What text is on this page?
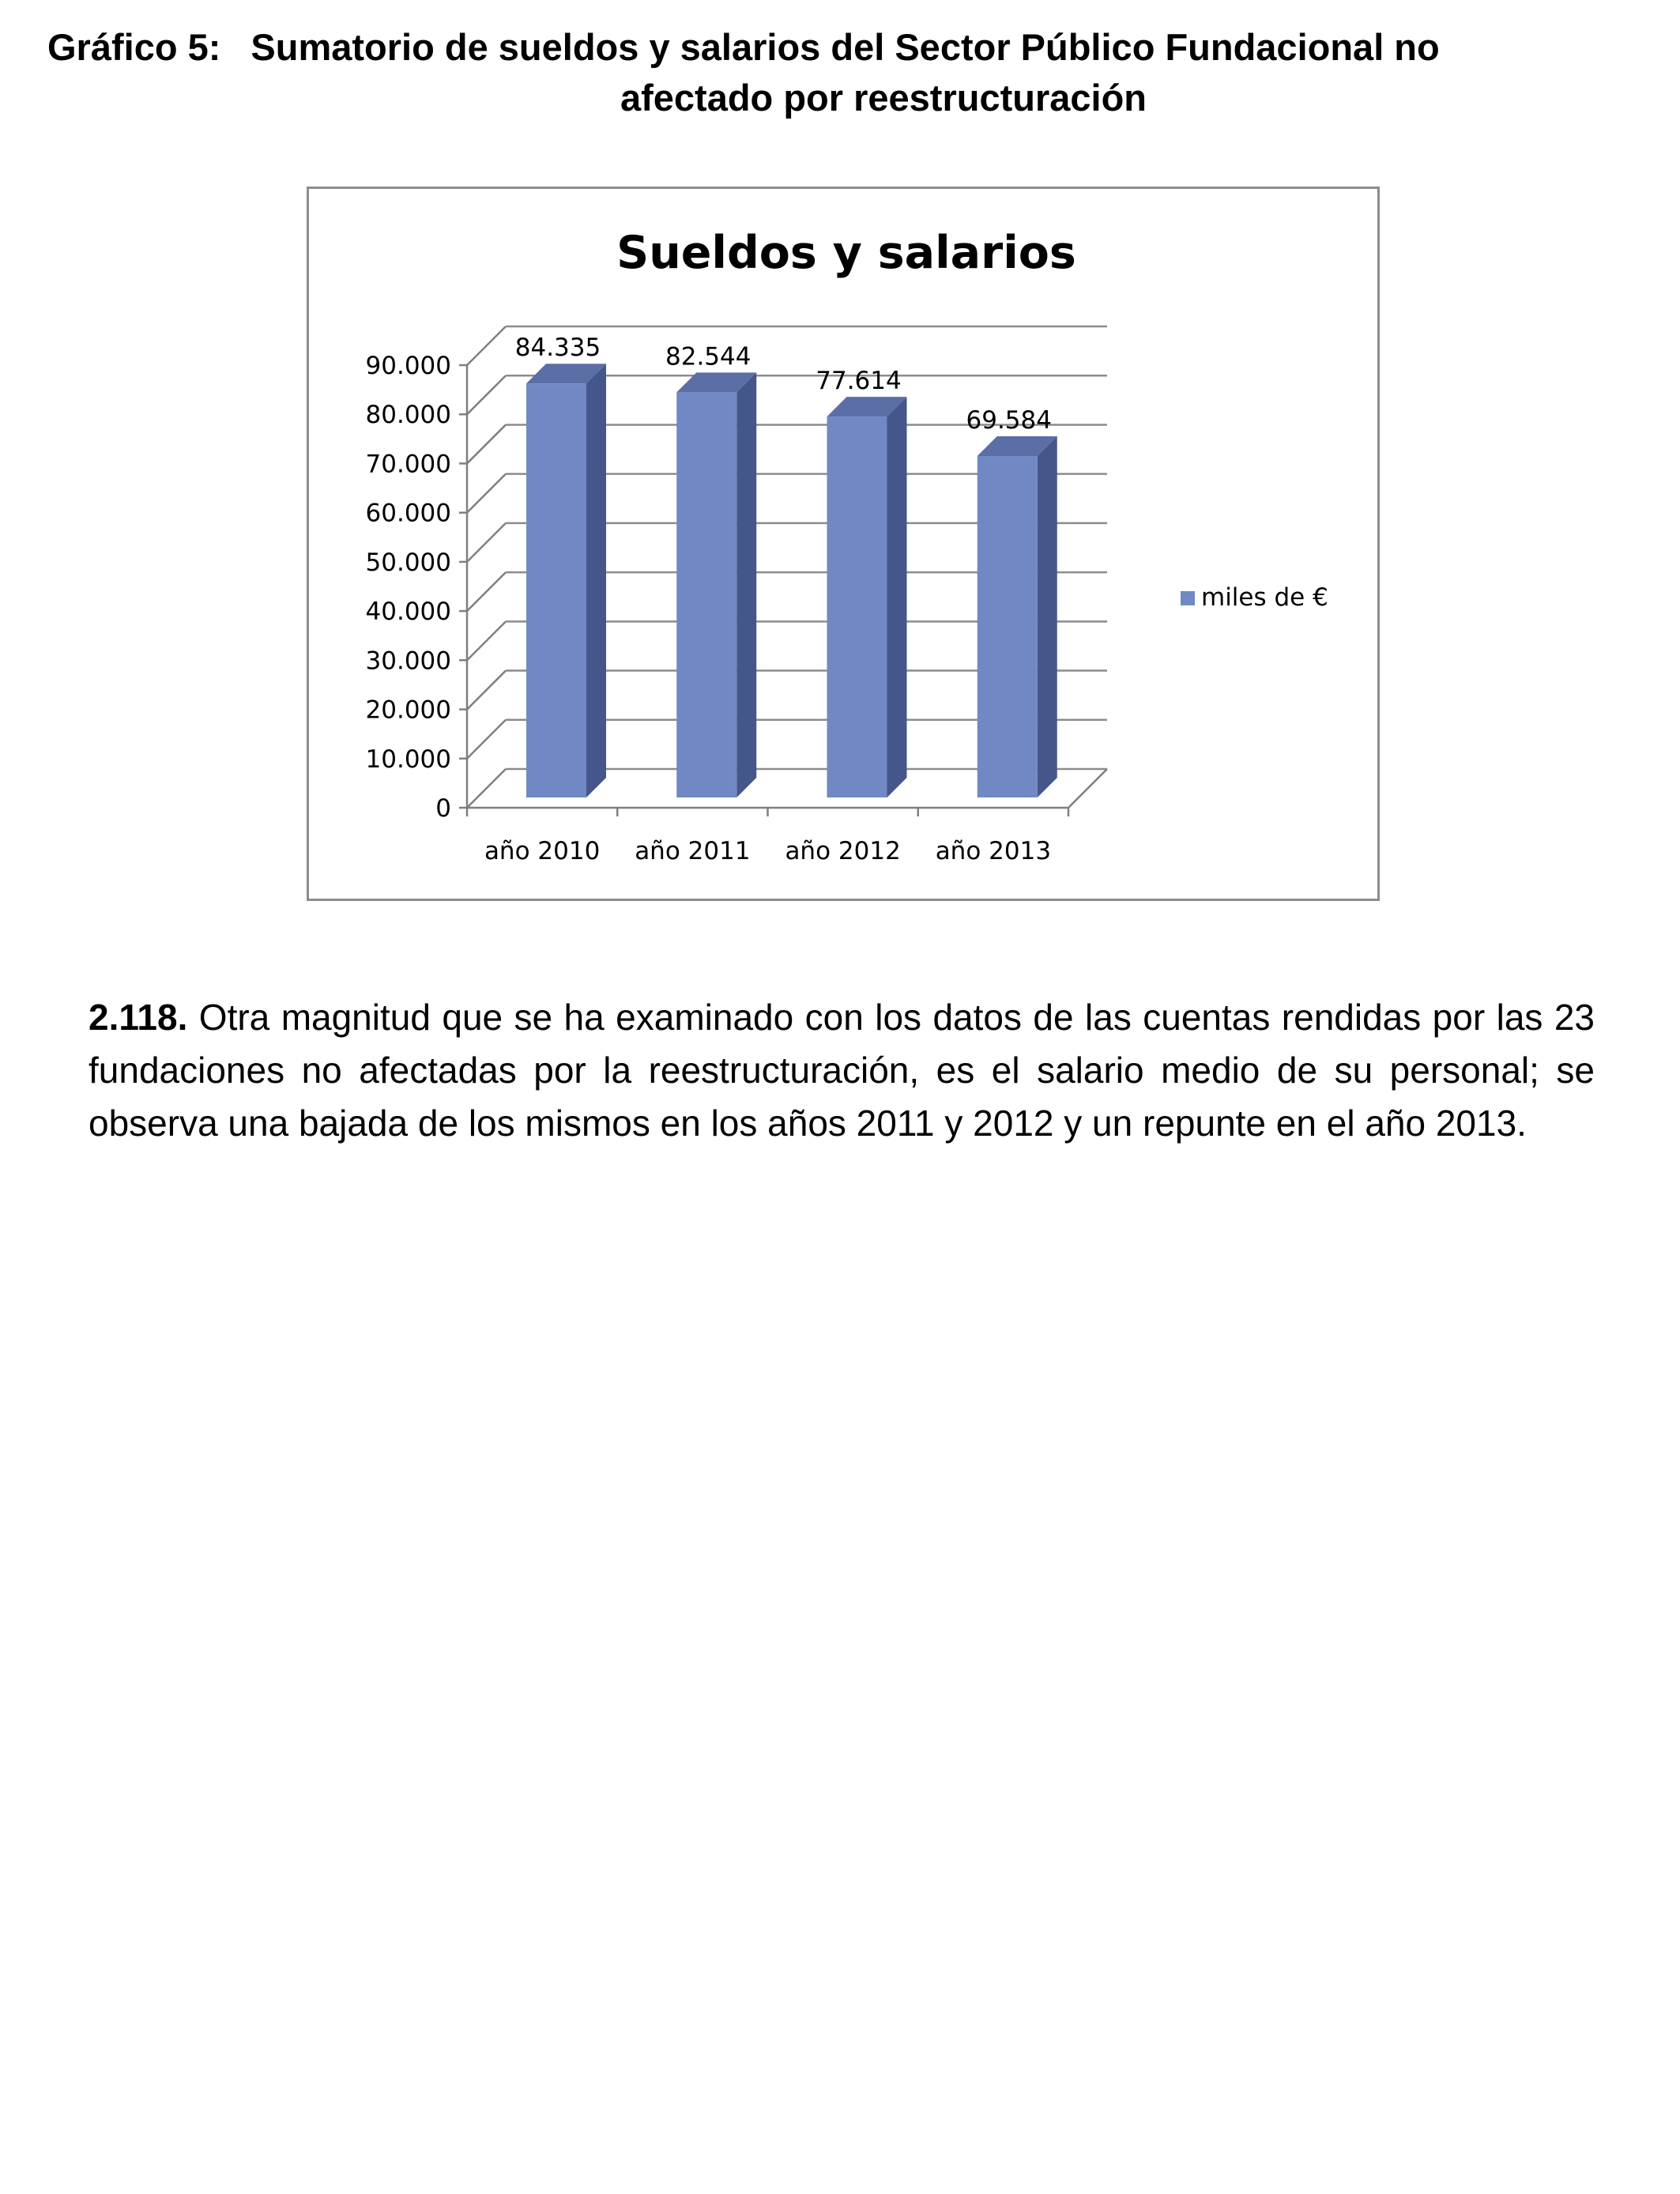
Gráfico 5: Sumatorio de sueldos y salarios del Sector Público Fundacional no
afectado por reestructuración
Sueldos y salarios
0
10.000
20.000
30.000
40.000
50.000
60.000
70.000
80.000
90.000
año 2010 año 2011 año 2012 año 2013
84.335	82.544
77.614
69.584
miles de €

2.118. Otra magnitud que se ha examinado con los datos de las cuentas rendidas por las 23 fundaciones no afectadas por la reestructuración, es el salario medio de su personal; se observa una bajada de los mismos en los años 2011 y 2012 y un repunte en el año 2013.
